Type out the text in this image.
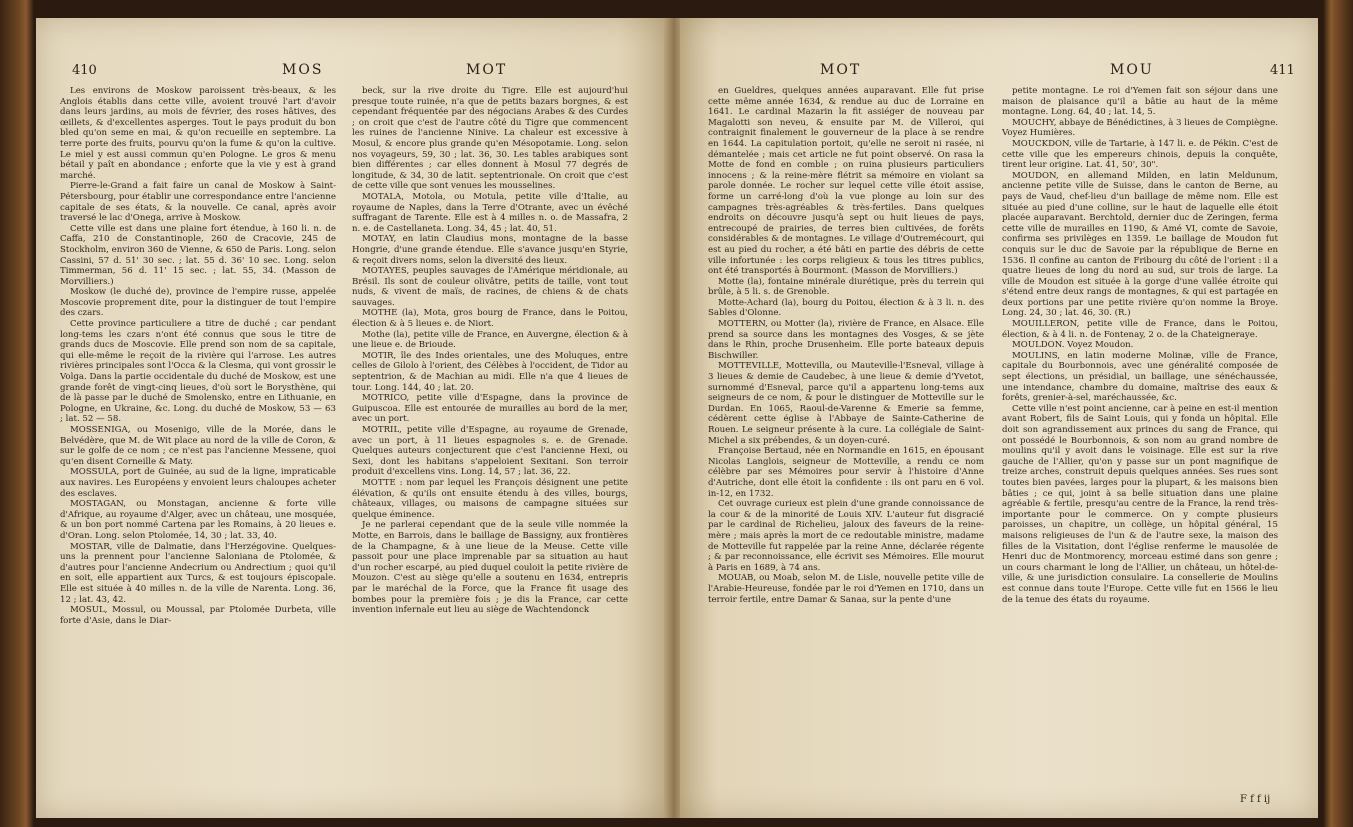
410	MOS	MOT

Les environs de Moskow paroissent très-beaux, & les Anglois établis dans cette ville, avoient trouvé l'art d'avoir dans leurs jardins, au mois de février, des roses hâtives, des œillets, & d'excellentes asperges. Tout le pays produit du bon bled qu'on seme en mai, & qu'on recueille en septembre. La terre porte des fruits, pourvu qu'on la fume & qu'on la cultive. Le miel y est aussi commun qu'en Pologne. Le gros & menu bétail y paît en abondance ; enforte que la vie y est à grand marché.

Pierre-le-Grand a fait faire un canal de Moskow à Saint-Pétersbourg, pour établir une correspondance entre l'ancienne capitale de ses états, & la nouvelle. Ce canal, après avoir traversé le lac d'Onega, arrive à Moskow.

Cette ville est dans une plaine fort étendue, à 160 li. n. de Caffa, 210 de Constantinople, 260 de Cracovie, 245 de Stockholm, environ 360 de Vienne, & 650 de Paris. Long. selon Cassini, 57 d. 51' 30 sec. ; lat. 55 d. 36' 10 sec. Long. selon Timmerman, 56 d. 11' 15 sec. ; lat. 55, 34. (Masson de Morvilliers.)

Moskow (le duché de), province de l'empire russe, appelée Moscovie proprement dite, pour la distinguer de tout l'empire des czars.

Cette province particuliere a titre de duché ; car pendant long-tems les czars n'ont été connus que sous le titre de grands ducs de Moscovie. Elle prend son nom de sa capitale, qui elle-même le reçoit de la rivière qui l'arrose. Les autres rivières principales sont l'Occa & la Clesma, qui vont grossir le Volga. Dans la partie occidentale du duché de Moskow, est une grande forêt de vingt-cinq lieues, d'où sort le Borysthène, qui de là passe par le duché de Smolensko, entre en Lithuanie, en Pologne, en Ukraine, &c. Long. du duché de Moskow, 53 — 63 ; lat. 52 — 58.

MOSSENIGA, ou Mosenigo, ville de la Morée, dans le Belvédère, que M. de Wit place au nord de la ville de Coron, & sur le golfe de ce nom ; ce n'est pas l'ancienne Messene, quoi qu'en disent Corneille & Maty.

MOSSULA, port de Guinée, au sud de la ligne, impraticable aux navires. Les Européens y envoient leurs chaloupes acheter des esclaves.

MOSTAGAN, ou Monstagan, ancienne & forte ville d'Afrique, au royaume d'Alger, avec un château, une mosquée, & un bon port nommé Cartena par les Romains, à 20 lieues e. d'Oran. Long. selon Ptolomée, 14, 30 ; lat. 33, 40.

MOSTAR, ville de Dalmatie, dans l'Herzégovine. Quelques-uns la prennent pour l'ancienne Saloniana de Ptolomée, & d'autres pour l'ancienne Andecrium ou Andrectium ; quoi qu'il en soit, elle appartient aux Turcs, & est toujours épiscopale. Elle est située à 40 milles n. de la ville de Narenta. Long. 36, 12 ; lat. 43, 42.

MOSUL, Mossul, ou Moussal, par Ptolomée Durbeta, ville forte d'Asie, dans le Diar-

beck, sur la rive droite du Tigre. Elle est aujourd'hui presque toute ruinée, n'a que de petits bazars borgnes, & est cependant fréquentée par des négocians Arabes & des Curdes ; on croit que c'est de l'autre côté du Tigre que commencent les ruines de l'ancienne Ninive. La chaleur est excessive à Mosul, & encore plus grande qu'en Mésopotamie. Long. selon nos voyageurs, 59, 30 ; lat. 36, 30. Les tables arabiques sont bien différentes ; car elles donnent à Mosul 77 degrés de longitude, & 34, 30 de latit. septentrionale. On croit que c'est de cette ville que sont venues les mousselines.

MOTALA, Motola, ou Motula, petite ville d'Italie, au royaume de Naples, dans la Terre d'Otrante, avec un évêché suffragant de Tarente. Elle est à 4 milles n. o. de Massafra, 2 n. e. de Castellaneta. Long. 34, 45 ; lat. 40, 51.

MOTAY, en latin Claudius mons, montagne de la basse Hongrie, d'une grande étendue. Elle s'avance jusqu'en Styrie, & reçoit divers noms, selon la diversité des lieux.

MOTAYES, peuples sauvages de l'Amérique méridionale, au Brésil. Ils sont de couleur olivâtre, petits de taille, vont tout nuds, & vivent de maïs, de racines, de chiens & de chats sauvages.

MOTHE (la), Mota, gros bourg de France, dans le Poitou, élection & à 5 lieues e. de Niort.

Mothe (la), petite ville de France, en Auvergne, élection & à une lieue e. de Brioude.

MOTIR, île des Indes orientales, une des Moluques, entre celles de Gilolo à l'orient, des Célèbes à l'occident, de Tidor au septentrion, & de Machian au midi. Elle n'a que 4 lieues de tour. Long. 144, 40 ; lat. 20.

MOTRICO, petite ville d'Espagne, dans la province de Guipuscoa. Elle est entourée de murailles au bord de la mer, avec un port.

MOTRIL, petite ville d'Espagne, au royaume de Grenade, avec un port, à 11 lieues espagnoles s. e. de Grenade. Quelques auteurs conjecturent que c'est l'ancienne Hexi, ou Sexi, dont les habitans s'appeloient Sexitani. Son terroir produit d'excellens vins. Long. 14, 57 ; lat. 36, 22.

MOTTE : nom par lequel les François désignent une petite élévation, & qu'ils ont ensuite étendu à des villes, bourgs, châteaux, villages, ou maisons de campagne situées sur quelque éminence.

Je ne parlerai cependant que de la seule ville nommée la Motte, en Barrois, dans le baillage de Bassigny, aux frontières de la Champagne, & à une lieue de la Meuse. Cette ville passoit pour une place imprenable par sa situation au haut d'un rocher escarpé, au pied duquel couloit la petite rivière de Mouzon. C'est au siège qu'elle a soutenu en 1634, entrepris par le maréchal de la Force, que la France fit usage des bombes pour la première fois ; je dis la France, car cette invention infernale eut lieu au siège de Wachtendonck

MOT	MOU	411

en Gueldres, quelques années auparavant. Elle fut prise cette même année 1634, & rendue au duc de Lorraine en 1641. Le cardinal Mazarin la fit assiéger de nouveau par Magalotti son neveu, & ensuite par M. de Villeroi, qui contraignit finalement le gouverneur de la place à se rendre en 1644. La capitulation portoit, qu'elle ne seroit ni rasée, ni démantelée ; mais cet article ne fut point observé. On rasa la Motte de fond en comble ; on ruina plusieurs particuliers innocens ; & la reine-mère flétrit sa mémoire en violant sa parole donnée. Le rocher sur lequel cette ville étoit assise, forme un carré-long d'où la vue plonge au loin sur des campagnes très-agréables & très-fertiles. Dans quelques endroits on découvre jusqu'à sept ou huit lieues de pays, entrecoupé de prairies, de terres bien cultivées, de forêts considérables & de montagnes. Le village d'Outremécourt, qui est au pied du rocher, a été bâti en partie des débris de cette ville infortunée : les corps religieux & tous les titres publics, ont été transportés à Bourmont. (Masson de Morvilliers.)

Motte (la), fontaine minérale diurétique, près du terrein qui brûle, à 5 li. s. de Grenoble.

Motte-Achard (la), bourg du Poitou, élection & à 3 li. n. des Sables d'Olonne.

MOTTERN, ou Motter (la), rivière de France, en Alsace. Elle prend sa source dans les montagnes des Vosges, & se jète dans le Rhin, proche Drusenheim. Elle porte bateaux depuis Bischwiller.

MOTTEVILLE, Mottevilla, ou Mauteville-l'Esneval, village à 3 lieues & demie de Caudebec, à une lieue & demie d'Yvetot, surnommé d'Esneval, parce qu'il a appartenu long-tems aux seigneurs de ce nom, & pour le distinguer de Motteville sur le Durdan. En 1065, Raoul-de-Varenne & Emerie sa femme, cédèrent cette église à l'Abbaye de Sainte-Catherine de Rouen. Le seigneur présente à la cure. La collégiale de Saint-Michel a six prébendes, & un doyen-curé.

Françoise Bertaud, née en Normandie en 1615, en épousant Nicolas Langlois, seigneur de Motteville, a rendu ce nom célèbre par ses Mémoires pour servir à l'histoire d'Anne d'Autriche, dont elle étoit la confidente : ils ont paru en 6 vol. in-12, en 1732.

Cet ouvrage curieux est plein d'une grande connoissance de la cour & de la minorité de Louis XIV. L'auteur fut disgracié par le cardinal de Richelieu, jaloux des faveurs de la reine-mère ; mais après la mort de ce redoutable ministre, madame de Motteville fut rappelée par la reine Anne, déclarée régente ; & par reconnoissance, elle écrivit ses Mémoires. Elle mourut à Paris en 1689, à 74 ans.

MOUAB, ou Moab, selon M. de Lisle, nouvelle petite ville de l'Arabie-Heureuse, fondée par le roi d'Yemen en 1710, dans un terroir fertile, entre Damar & Sanaa, sur la pente d'une

petite montagne. Le roi d'Yemen fait son séjour dans une maison de plaisance qu'il a bâtie au haut de la même montagne. Long. 64, 40 ; lat. 14, 5.

MOUCHY, abbaye de Bénédictines, à 3 lieues de Compiègne. Voyez Humières.

MOUCKDON, ville de Tartarie, à 147 li. e. de Pékin. C'est de cette ville que les empereurs chinois, depuis la conquête, tirent leur origine. Lat. 41, 50', 30".

MOUDON, en allemand Milden, en latin Meldunum, ancienne petite ville de Suisse, dans le canton de Berne, au pays de Vaud, chef-lieu d'un baillage de même nom. Elle est située au pied d'une colline, sur le haut de laquelle elle étoit placée auparavant. Berchtold, dernier duc de Zeringen, ferma cette ville de murailles en 1190, & Amé VI, comte de Savoie, confirma ses privilèges en 1359. Le baillage de Moudon fut conquis sur le duc de Savoie par la république de Berne en 1536. Il confine au canton de Fribourg du côté de l'orient : il a quatre lieues de long du nord au sud, sur trois de large. La ville de Moudon est située à la gorge d'une vallée étroite qui s'étend entre deux rangs de montagnes, & qui est partagée en deux portions par une petite rivière qu'on nomme la Broye. Long. 24, 30 ; lat. 46, 30. (R.)

MOUILLERON, petite ville de France, dans le Poitou, élection, & à 4 li. n. de Fontenay, 2 o. de la Chateigneraye.

MOULDON. Voyez Moudon.

MOULINS, en latin moderne Molinæ, ville de France, capitale du Bourbonnois, avec une généralité composée de sept élections, un présidial, un baillage, une sénéchaussée, une intendance, chambre du domaine, maîtrise des eaux & forêts, grenier-à-sel, maréchaussée, &c.

Cette ville n'est point ancienne, car à peine en est-il mention avant Robert, fils de Saint Louis, qui y fonda un hôpital. Elle doit son agrandissement aux princes du sang de France, qui ont possédé le Bourbonnois, & son nom au grand nombre de moulins qu'il y avoit dans le voisinage. Elle est sur la rive gauche de l'Allier, qu'on y passe sur un pont magnifique de treize arches, construit depuis quelques années. Ses rues sont toutes bien pavées, larges pour la plupart, & les maisons bien bâties ; ce qui, joint à sa belle situation dans une plaine agréable & fertile, presqu'au centre de la France, la rend très-importante pour le commerce. On y compte plusieurs paroisses, un chapitre, un collège, un hôpital général, 15 maisons religieuses de l'un & de l'autre sexe, la maison des filles de la Visitation, dont l'église renferme le mausolée de Henri duc de Montmorency, morceau estimé dans son genre ; un cours charmant le long de l'Allier, un château, un hôtel-de-ville, & une jurisdiction consulaire. La consellerie de Moulins est connue dans toute l'Europe. Cette ville fut en 1566 le lieu de la tenue des états du royaume.

F f f ij
